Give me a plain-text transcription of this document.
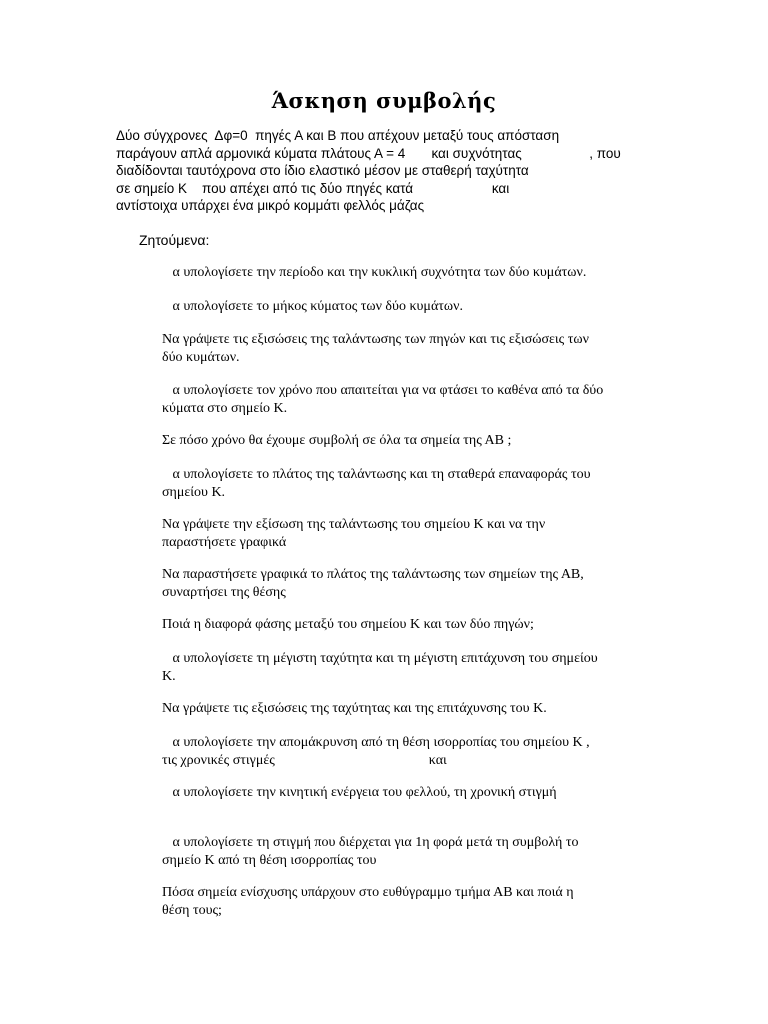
Άσκηση συμβολής
Δύο σύγχρονες  Δφ=0  πηγές Α και Β που απέχουν μεταξύ τους απόσταση
παράγουν απλά αρμονικά κύματα πλάτους Α = 4       και συχνότητας                  , που
διαδίδονται ταυτόχρονα στο ίδιο ελαστικό μέσον με σταθερή ταχύτητα
σε σημείο Κ    που απέχει από τις δύο πηγές κατά                     και
αντίστοιχα υπάρχει ένα μικρό κομμάτι φελλός μάζας
Ζητούμενα:
α υπολογίσετε την περίοδο και την κυκλική συχνότητα των δύο κυμάτων.
α υπολογίσετε το μήκος κύματος των δύο κυμάτων.
Να γράψετε τις εξισώσεις της ταλάντωσης των πηγών και τις εξισώσεις των
δύο κυμάτων.
α υπολογίσετε τον χρόνο που απαιτείται για να φτάσει το καθένα από τα δύο
κύματα στο σημείο Κ.
Σε πόσο χρόνο θα έχουμε συμβολή σε όλα τα σημεία της ΑΒ ;
α υπολογίσετε το πλάτος της ταλάντωσης και τη σταθερά επαναφοράς του
σημείου Κ.
Να γράψετε την εξίσωση της ταλάντωσης του σημείου Κ και να την
παραστήσετε γραφικά
Να παραστήσετε γραφικά το πλάτος της ταλάντωσης των σημείων της ΑΒ,
συναρτήσει της θέσης
Ποιά η διαφορά φάσης μεταξύ του σημείου Κ και των δύο πηγών;
α υπολογίσετε τη μέγιστη ταχύτητα και τη μέγιστη επιτάχυνση του σημείου
Κ.
Να γράψετε τις εξισώσεις της ταχύτητας και της επιτάχυνσης του Κ.
α υπολογίσετε την απομάκρυνση από τη θέση ισορροπίας του σημείου Κ ,
τις χρονικές στιγμές                                            και
α υπολογίσετε την κινητική ενέργεια του φελλού, τη χρονική στιγμή
α υπολογίσετε τη στιγμή που διέρχεται για 1η φορά μετά τη συμβολή το
σημείο Κ από τη θέση ισορροπίας του
Πόσα σημεία ενίσχυσης υπάρχουν στο ευθύγραμμο τμήμα ΑΒ και ποιά η
θέση τους;
